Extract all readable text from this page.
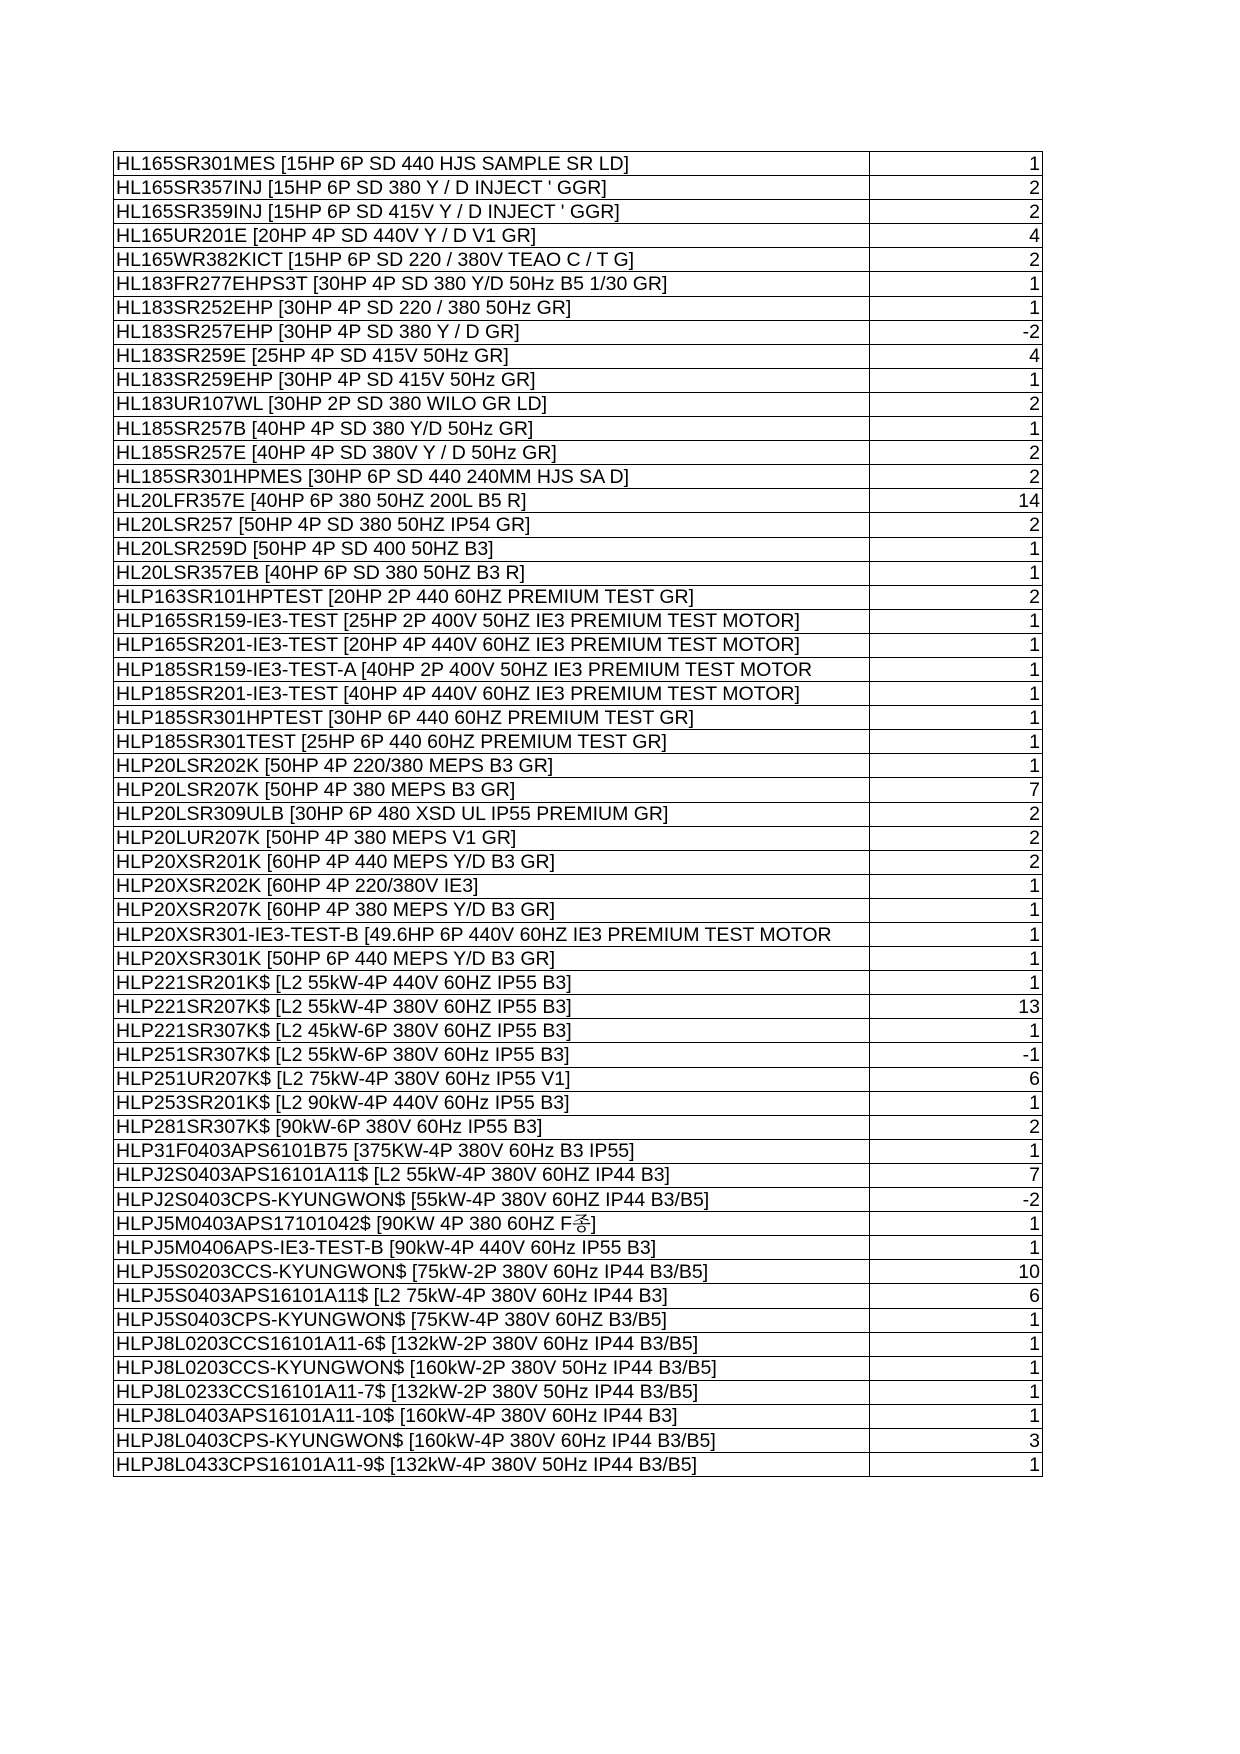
HL165SR301MES [15HP 6P SD 440 HJS SAMPLE SR LD]	1
HL165SR357INJ [15HP 6P SD 380 Y / D INJECT ' GGR]	2
HL165SR359INJ [15HP 6P SD 415V Y / D INJECT ' GGR]	2
HL165UR201E [20HP 4P SD 440V Y / D V1 GR]	4
HL165WR382KICT [15HP 6P SD 220 / 380V TEAO C / T G]	2
HL183FR277EHPS3T [30HP 4P SD 380 Y/D 50Hz B5 1/30 GR]	1
HL183SR252EHP [30HP 4P SD 220 / 380 50Hz GR]	1
HL183SR257EHP [30HP 4P SD 380 Y / D GR]	-2
HL183SR259E [25HP 4P SD 415V 50Hz GR]	4
HL183SR259EHP [30HP 4P SD 415V 50Hz GR]	1
HL183UR107WL [30HP 2P SD 380 WILO GR LD]	2
HL185SR257B [40HP 4P SD 380 Y/D 50Hz GR]	1
HL185SR257E [40HP 4P SD 380V Y / D 50Hz GR]	2
HL185SR301HPMES [30HP 6P SD 440 240MM HJS SA D]	2
HL20LFR357E [40HP 6P 380 50HZ 200L B5 R]	14
HL20LSR257 [50HP 4P SD 380 50HZ IP54 GR]	2
HL20LSR259D [50HP 4P SD 400 50HZ B3]	1
HL20LSR357EB [40HP 6P SD 380 50HZ B3 R]	1
HLP163SR101HPTEST [20HP 2P 440 60HZ PREMIUM TEST GR]	2
HLP165SR159-IE3-TEST [25HP 2P 400V 50HZ IE3 PREMIUM TEST MOTOR]	1
HLP165SR201-IE3-TEST [20HP 4P 440V 60HZ IE3 PREMIUM TEST MOTOR]	1
HLP185SR159-IE3-TEST-A [40HP 2P 400V 50HZ IE3 PREMIUM TEST MOTOR	1
HLP185SR201-IE3-TEST [40HP 4P 440V 60HZ IE3 PREMIUM TEST MOTOR]	1
HLP185SR301HPTEST [30HP 6P 440 60HZ PREMIUM TEST GR]	1
HLP185SR301TEST [25HP 6P 440 60HZ PREMIUM TEST GR]	1
HLP20LSR202K [50HP 4P 220/380 MEPS B3 GR]	1
HLP20LSR207K [50HP 4P 380 MEPS B3 GR]	7
HLP20LSR309ULB [30HP 6P 480 XSD UL IP55 PREMIUM GR]	2
HLP20LUR207K [50HP 4P 380 MEPS V1 GR]	2
HLP20XSR201K [60HP 4P 440 MEPS Y/D B3 GR]	2
HLP20XSR202K [60HP 4P 220/380V IE3]	1
HLP20XSR207K [60HP 4P 380 MEPS Y/D B3 GR]	1
HLP20XSR301-IE3-TEST-B [49.6HP 6P 440V 60HZ IE3 PREMIUM TEST MOTOR	1
HLP20XSR301K [50HP 6P 440 MEPS Y/D B3 GR]	1
HLP221SR201K$ [L2 55kW-4P 440V 60HZ IP55 B3]	1
HLP221SR207K$ [L2 55kW-4P 380V 60HZ IP55 B3]	13
HLP221SR307K$ [L2 45kW-6P 380V 60HZ IP55 B3]	1
HLP251SR307K$ [L2 55kW-6P 380V 60Hz IP55 B3]	-1
HLP251UR207K$ [L2 75kW-4P 380V 60Hz IP55 V1]	6
HLP253SR201K$ [L2 90kW-4P 440V 60Hz IP55 B3]	1
HLP281SR307K$ [90kW-6P 380V 60Hz IP55 B3]	2
HLP31F0403APS6101B75 [375KW-4P 380V 60Hz B3 IP55]	1
HLPJ2S0403APS16101A11$ [L2 55kW-4P 380V 60HZ IP44 B3]	7
HLPJ2S0403CPS-KYUNGWON$ [55kW-4P 380V 60HZ IP44 B3/B5]	-2
HLPJ5M0403APS17101042$ [90KW 4P 380 60HZ F종]	1
HLPJ5M0406APS-IE3-TEST-B [90kW-4P 440V 60Hz IP55 B3]	1
HLPJ5S0203CCS-KYUNGWON$ [75kW-2P 380V 60Hz IP44 B3/B5]	10
HLPJ5S0403APS16101A11$ [L2 75kW-4P 380V 60Hz IP44 B3]	6
HLPJ5S0403CPS-KYUNGWON$ [75KW-4P 380V 60HZ B3/B5]	1
HLPJ8L0203CCS16101A11-6$ [132kW-2P 380V 60Hz IP44 B3/B5]	1
HLPJ8L0203CCS-KYUNGWON$ [160kW-2P 380V 50Hz IP44 B3/B5]	1
HLPJ8L0233CCS16101A11-7$ [132kW-2P 380V 50Hz IP44 B3/B5]	1
HLPJ8L0403APS16101A11-10$ [160kW-4P 380V 60Hz IP44 B3]	1
HLPJ8L0403CPS-KYUNGWON$ [160kW-4P 380V 60Hz IP44 B3/B5]	3
HLPJ8L0433CPS16101A11-9$ [132kW-4P 380V 50Hz IP44 B3/B5]	1
